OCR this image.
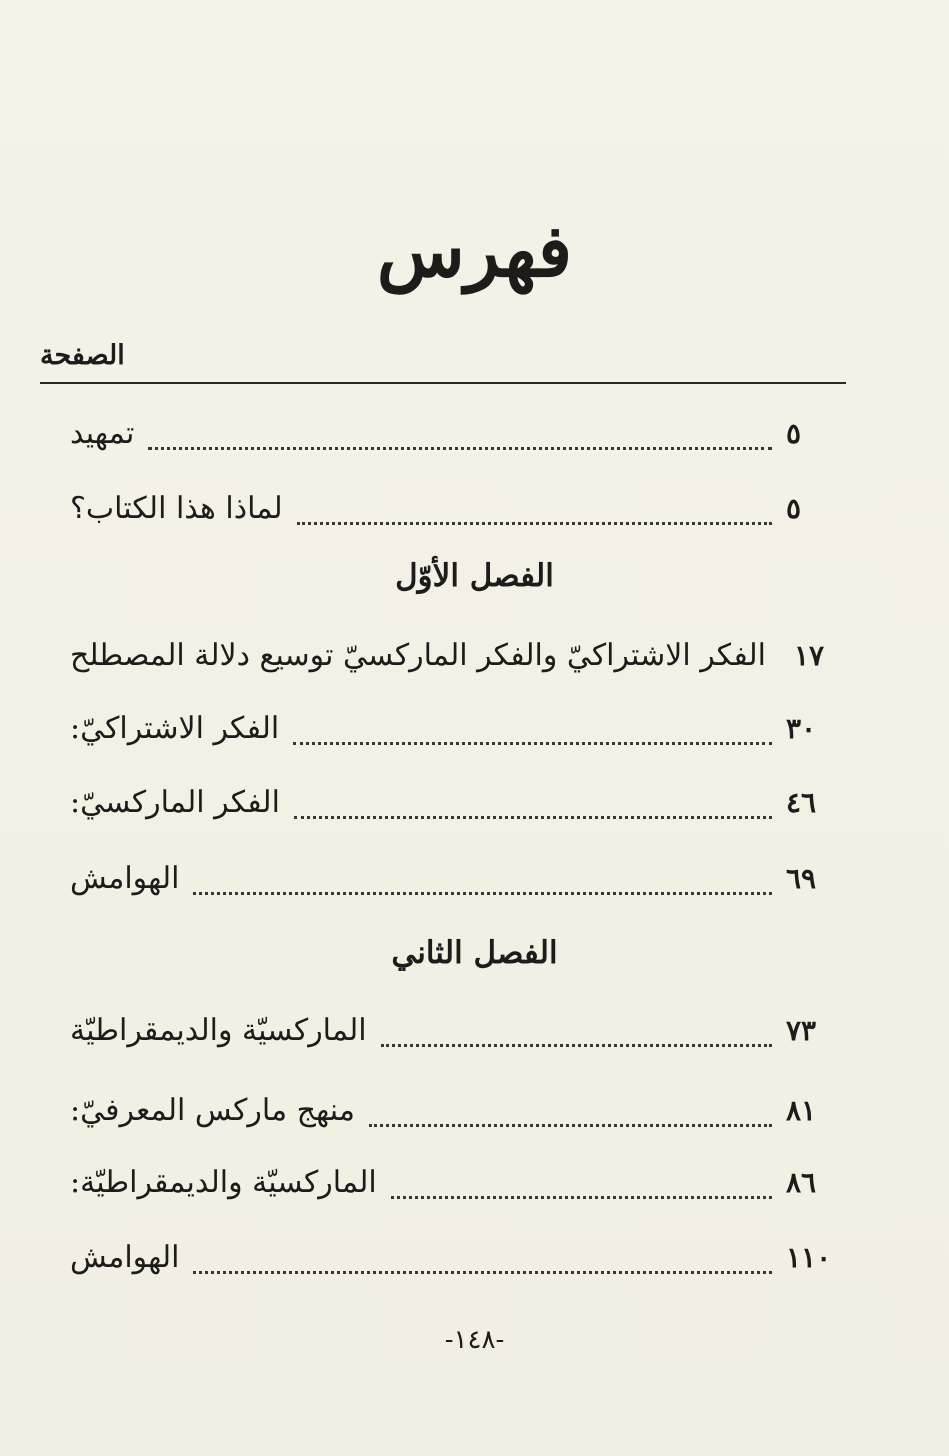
فهرس
الصفحة
تمهيد	٥
لماذا هذا الكتاب؟	٥
الفصل الأوّل
الفكر الاشتراكيّ والفكر الماركسيّ توسيع دلالة المصطلح ١٧
الفكر الاشتراكيّ:	٣٠
الفكر الماركسيّ:	٤٦
الهوامش	٦٩
الفصل الثاني
الماركسيّة والديمقراطيّة	٧٣
منهج ماركس المعرفيّ:	٨١
الماركسيّة والديمقراطيّة:	٨٦
الهوامش	١١٠
-١٤٨-
